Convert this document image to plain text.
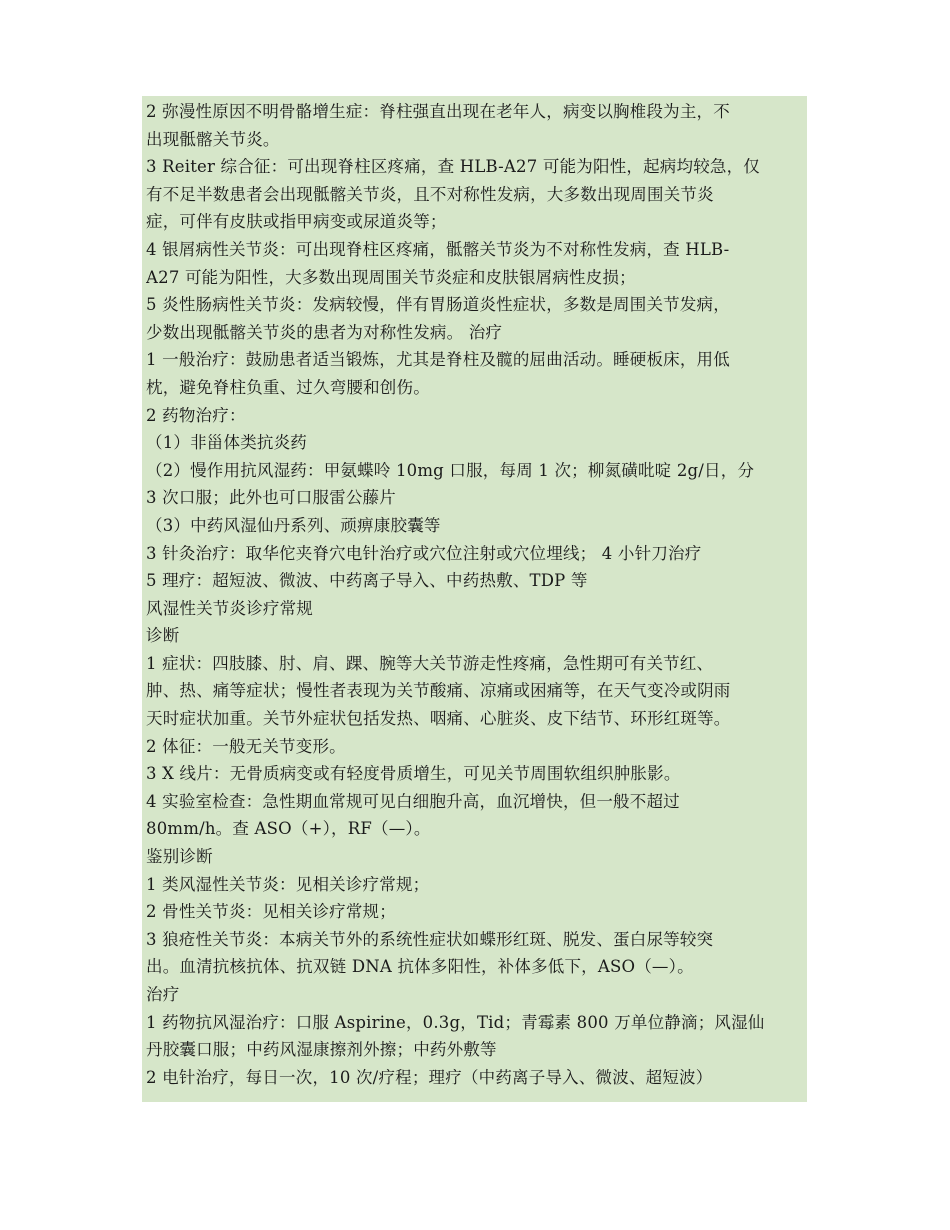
2 弥漫性原因不明骨骼增生症：脊柱强直出现在老年人，病变以胸椎段为主，不
出现骶髂关节炎。
3 Reiter 综合征：可出现脊柱区疼痛，查 HLB-A27 可能为阳性，起病均较急，仅
有不足半数患者会出现骶髂关节炎，且不对称性发病，大多数出现周围关节炎
症，可伴有皮肤或指甲病变或尿道炎等；
4 银屑病性关节炎：可出现脊柱区疼痛，骶髂关节炎为不对称性发病，查 HLB-
A27 可能为阳性，大多数出现周围关节炎症和皮肤银屑病性皮损；
5 炎性肠病性关节炎：发病较慢，伴有胃肠道炎性症状，多数是周围关节发病，
少数出现骶髂关节炎的患者为对称性发病。 治疗
1 一般治疗：鼓励患者适当锻炼，尤其是脊柱及髋的屈曲活动。睡硬板床，用低
枕，避免脊柱负重、过久弯腰和创伤。
2 药物治疗：
（1）非甾体类抗炎药
（2）慢作用抗风湿药：甲氨蝶呤 10mg 口服，每周 1 次；柳氮磺吡啶 2g/日，分
3 次口服；此外也可口服雷公藤片
（3）中药风湿仙丹系列、顽痹康胶囊等
3 针灸治疗：取华佗夹脊穴电针治疗或穴位注射或穴位埋线； 4 小针刀治疗
5 理疗：超短波、微波、中药离子导入、中药热敷、TDP 等
风湿性关节炎诊疗常规
诊断
1 症状：四肢膝、肘、肩、踝、腕等大关节游走性疼痛，急性期可有关节红、
肿、热、痛等症状；慢性者表现为关节酸痛、凉痛或困痛等，在天气变冷或阴雨
天时症状加重。关节外症状包括发热、咽痛、心脏炎、皮下结节、环形红斑等。
2 体征：一般无关节变形。
3 X 线片：无骨质病变或有轻度骨质增生，可见关节周围软组织肿胀影。
4 实验室检查：急性期血常规可见白细胞升高，血沉增快，但一般不超过
80mm/h。查 ASO（+），RF（—）。
鉴别诊断
1 类风湿性关节炎：见相关诊疗常规；
2 骨性关节炎：见相关诊疗常规；
3 狼疮性关节炎：本病关节外的系统性症状如蝶形红斑、脱发、蛋白尿等较突
出。血清抗核抗体、抗双链 DNA 抗体多阳性，补体多低下，ASO（—）。
治疗
1 药物抗风湿治疗：口服 Aspirine，0.3g，Tid；青霉素 800 万单位静滴；风湿仙
丹胶囊口服；中药风湿康擦剂外擦；中药外敷等
2 电针治疗，每日一次，10 次/疗程；理疗（中药离子导入、微波、超短波）
